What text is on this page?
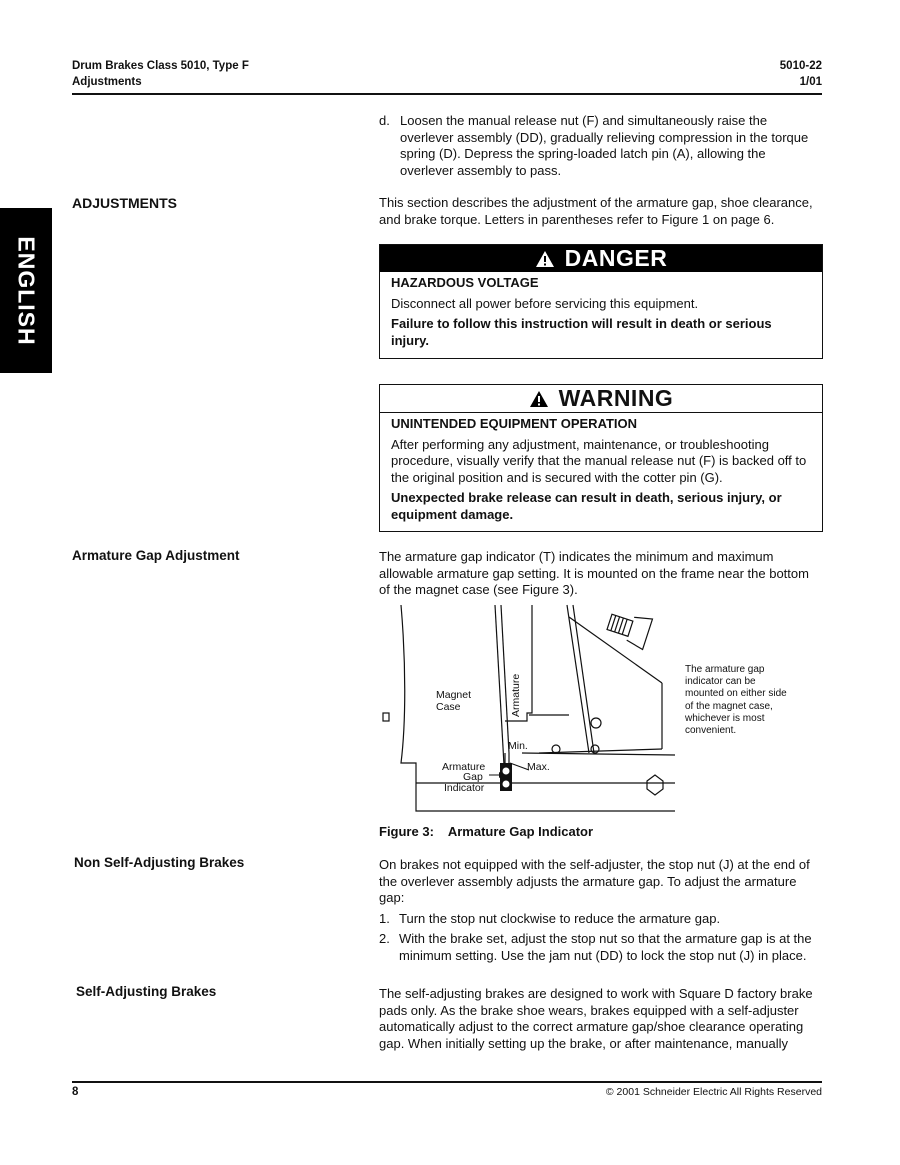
Drum Brakes Class 5010, Type F
Adjustments
5010-22
1/01
ENGLISH
d. Loosen the manual release nut (F) and simultaneously raise the overlever assembly (DD), gradually relieving compression in the torque spring (D). Depress the spring-loaded latch pin (A), allowing the overlever assembly to pass.
ADJUSTMENTS	This section describes the adjustment of the armature gap, shoe clearance, and brake torque. Letters in parentheses refer to Figure 1 on page 6.
DANGER
HAZARDOUS VOLTAGE

Disconnect all power before servicing this equipment.

Failure to follow this instruction will result in death or serious injury.

WARNING
UNINTENDED EQUIPMENT OPERATION

After performing any adjustment, maintenance, or troubleshooting procedure, visually verify that the manual release nut (F) is backed off to the original position and is secured with the cotter pin (G).

Unexpected brake release can result in death, serious injury, or equipment damage.

Armature Gap Adjustment	The armature gap indicator (T) indicates the minimum and maximum allowable armature gap setting. It is mounted on the frame near the bottom of the magnet case (see Figure 3).
Magnet
Case	Armature
Min.
Max.
Armature
Gap
Indicator
The armature gap
indicator can be
mounted on either side
of the magnet case,
whichever is most
convenient.
Figure 3:    Armature Gap Indicator
Non Self-Adjusting Brakes	On brakes not equipped with the self-adjuster, the stop nut (J) at the end of the overlever assembly adjusts the armature gap. To adjust the armature gap:
1. Turn the stop nut clockwise to reduce the armature gap.
2. With the brake set, adjust the stop nut so that the armature gap is at the minimum setting. Use the jam nut (DD) to lock the stop nut (J) in place.
Self-Adjusting Brakes	The self-adjusting brakes are designed to work with Square D factory brake pads only. As the brake shoe wears, brakes equipped with a self-adjuster automatically adjust to the correct armature gap/shoe clearance operating gap. When initially setting up the brake, or after maintenance, manually
8	© 2001 Schneider Electric All Rights Reserved
